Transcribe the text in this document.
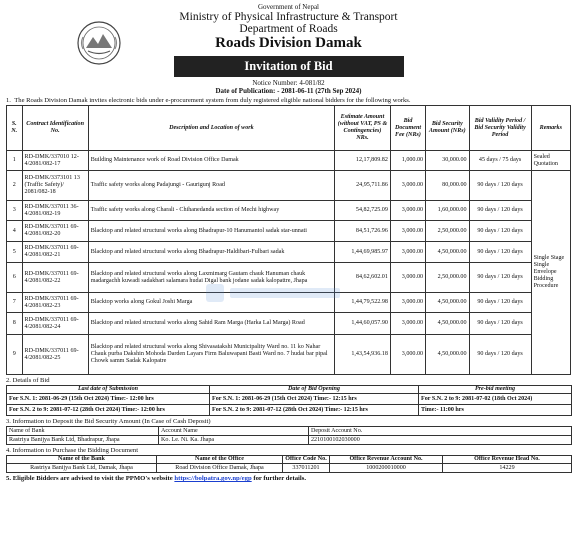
Government of Nepal
Ministry of Physical Infrastructure & Transport
Department of Roads
Roads Division Damak
Invitation of Bid
Notice Number: 4-081/82
Date of Publication: - 2081-06-11 (27th Sep 2024)
1.  The Roads Division Damak invites electronic bids under e-procurement system from duly registered eligible national bidders for the following works.
S. N.	Contract Identification No.	Description and Location of work	Estimate Amount (without VAT, PS & Contingencies) NRs.	Bid Document Fee (NRs)	Bid Security Amount (NRs)	Bid Validity Period / Bid Security Validity Period	Remarks
1	RD-DMK/337010 12-4/2081/082-17	Building Maintenance work of Road Division Office Damak	12,17,809.82	1,000.00	30,000.00	45 days / 75 days	Sealed Quotation
2	RD-DMK/3373101 13 (Traffic Safety)/ 2081/082-18	Traffic safety works along Padajungi - Gaurigunj Road	24,95,711.86	3,000.00	80,000.00	90 days / 120 days	Single Stage Single Envelope Bidding Procedure
3	RD-DMK/337011 36-4/2081/082-19	Traffic safety works along Charali - Chihanedanda section of Mechi highway	54,82,725.09	3,000.00	1,60,000.00	90 days / 120 days	
4	RD-DMK/337011 69-4/2081/082-20	Blacktop and related structural works along Bhadrapur-10 Hanumantol sadak star-unnati	84,51,726.96	3,000.00	2,50,000.00	90 days / 120 days	
5	RD-DMK/337011 69-4/2081/082-21	Blacktop and related structural works along Bhadrapur-Haldibari-Fulbari sadak	1,44,69,985.97	3,000.00	4,50,000.00	90 days / 120 days	
6	RD-DMK/337011 69-4/2081/082-22	Blacktop and related structural works along Laxmimarg Gautam chauk Hanuman chauk madargachh kuwadi sadakbari salamara hudai Digal bank jodane sadak kalopattre, Jhapa	84,62,602.01	3,000.00	2,50,000.00	90 days / 120 days	
7	RD-DMK/337011 69-4/2081/082-23	Blacktop works along Gokul Joshi Marga	1,44,79,522.98	3,000.00	4,50,000.00	90 days / 120 days	
8	RD-DMK/337011 69-4/2081/082-24	Blacktop and related structural works along Sahid Ram Marga (Harka Lal Marga) Road	1,44,60,057.90	3,000.00	4,50,000.00	90 days / 120 days	
9	RD-DMK/337011 69-4/2081/082-25	Blacktop and related structural works along Shivasatakshi Municipality Ward no. 11 ko Nahar Chauk purba Dakshin Mohoda Darden Layars Firm Baluwapani Basti Ward no. 7 hudai bar pipal Chowk samm Sadak Kalopatre	1,43,54,936.18	3,000.00	4,50,000.00	90 days / 120 days	
2. Details of Bid
Last date of Submission	Date of Bid Opening	Pre-bid meeting
For S.N. 1: 2081-06-29 (15th Oct 2024) Time:- 12:00 hrs	For S.N. 1: 2081-06-29 (15th Oct 2024) Time:- 12:15 hrs	For S.N. 2 to 9: 2081-07-02 (18th Oct 2024)
For S.N. 2 to 9: 2081-07-12 (28th Oct 2024) Time:- 12:00 hrs	For S.N. 2 to 9: 2081-07-12 (28th Oct 2024) Time:- 12:15 hrs	Time:- 11:00 hrs
3. Information to Deposit the Bid Security Amount (In Case of Cash Deposit)
Name of Bank	Account Name	Deposit Account No.
Rastriya Banijya Bank Ltd, Bhadrapur, Jhapa	Ko. Le. Ni. Ka. Jhapa	2210100102030000
4. Information to Purchase the Bidding Document
Name of the Bank	Name of the Office	Office Code No.	Office Revenue Account No.	Office Revenue Head No.
Rastriya Banijya Bank Ltd, Damak, Jhapa	Road Division Office Damak, Jhapa	337011201	1000200010000	14229
5. Eligible Bidders are advised to visit the PPMO's website https://bolpatra.gov.np/egp for further details.
